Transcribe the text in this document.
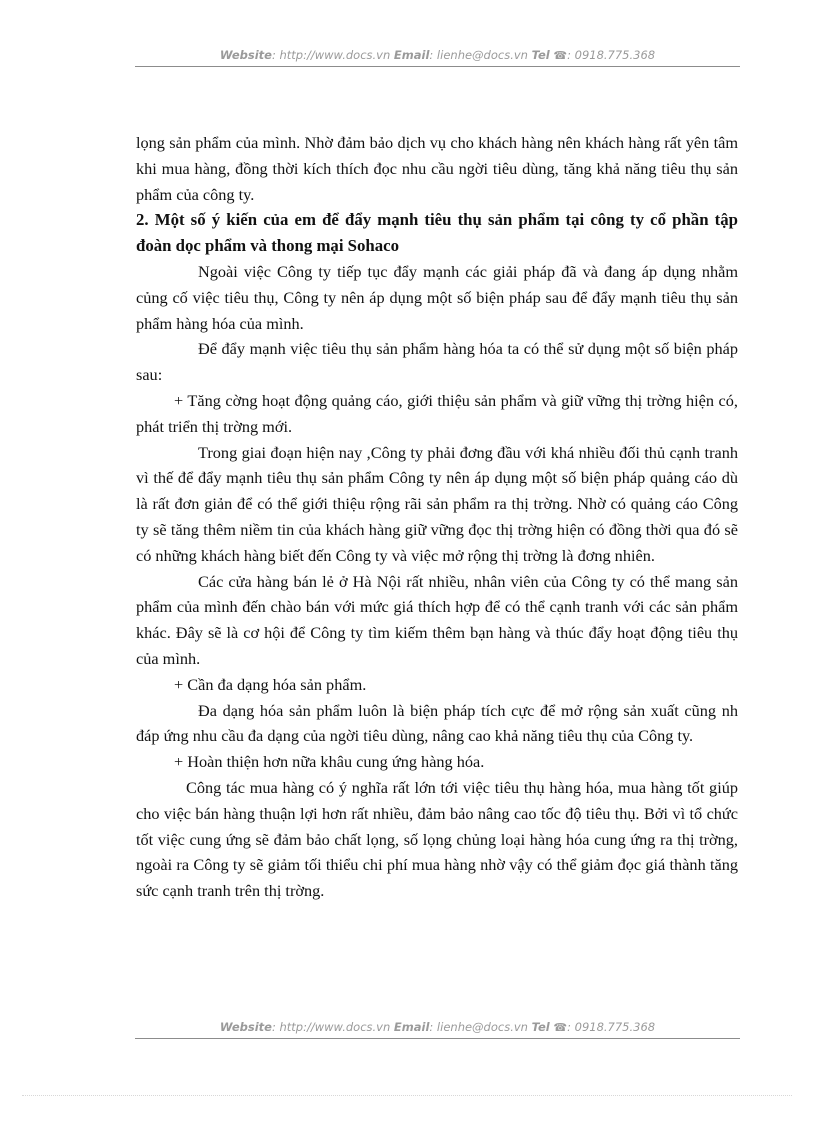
Website: http://www.docs.vn Email: lienhe@docs.vn Tel ☎: 0918.775.368

lọng sản phẩm của mình. Nhờ đảm bảo dịch vụ cho khách hàng nên khách hàng rất yên tâm khi mua hàng, đồng thời kích thích đọc nhu cầu ngời tiêu dùng, tăng khả năng tiêu thụ sản phẩm của công ty.

2. Một số ý kiến của em để đẩy mạnh tiêu thụ sản phẩm tại công ty cổ phần tập đoàn dọc phẩm và thong mại Sohaco

Ngoài việc Công ty tiếp tục đẩy mạnh các giải pháp đã và đang áp dụng nhằm củng cố việc tiêu thụ, Công ty nên áp dụng một số biện pháp sau để đẩy mạnh tiêu thụ sản phẩm hàng hóa của mình.

Để đẩy mạnh việc tiêu thụ sản phẩm hàng hóa ta có thể sử dụng một số biện pháp sau:

+ Tăng cờng hoạt động quảng cáo, giới thiệu sản phẩm và giữ vững thị trờng hiện có, phát triển thị trờng mới.

Trong giai đoạn hiện nay ,Công ty phải đơng đầu với khá nhiều đối thủ cạnh tranh vì thế để đẩy mạnh tiêu thụ sản phẩm Công ty nên áp dụng một số biện pháp quảng cáo dù là rất đơn giản để có thể giới thiệu rộng rãi sản phẩm ra thị trờng. Nhờ có quảng cáo Công ty sẽ tăng thêm niềm tin của khách hàng giữ vững đọc thị trờng hiện có đồng thời qua đó sẽ có những khách hàng biết đến Công ty và việc mở rộng thị trờng là đơng nhiên.

Các cửa hàng bán lẻ ở Hà Nội rất nhiều, nhân viên của Công ty có thể mang sản phẩm của mình đến chào bán với mức giá thích hợp để có thể cạnh tranh với các sản phẩm khác. Đây sẽ là cơ hội để Công ty tìm kiếm thêm bạn hàng và thúc đẩy hoạt động tiêu thụ của mình.

+ Cần đa dạng hóa sản phẩm.

Đa dạng hóa sản phẩm luôn là biện pháp tích cực để mở rộng sản xuất cũng nh đáp ứng nhu cầu đa dạng của ngời tiêu dùng, nâng cao khả năng tiêu thụ của Công ty.

+ Hoàn thiện hơn nữa khâu cung ứng hàng hóa.

Công tác mua hàng có ý nghĩa rất lớn tới việc tiêu thụ hàng hóa, mua hàng tốt giúp cho việc bán hàng thuận lợi hơn rất nhiều, đảm bảo nâng cao tốc độ tiêu thụ. Bởi vì tổ chức tốt việc cung ứng sẽ đảm bảo chất lọng, số lọng chủng loại hàng hóa cung ứng ra thị trờng, ngoài ra Công ty sẽ giảm tối thiểu chi phí mua hàng nhờ vậy có thể giảm đọc giá thành tăng sức cạnh tranh trên thị trờng.

Website: http://www.docs.vn Email: lienhe@docs.vn Tel ☎: 0918.775.368
